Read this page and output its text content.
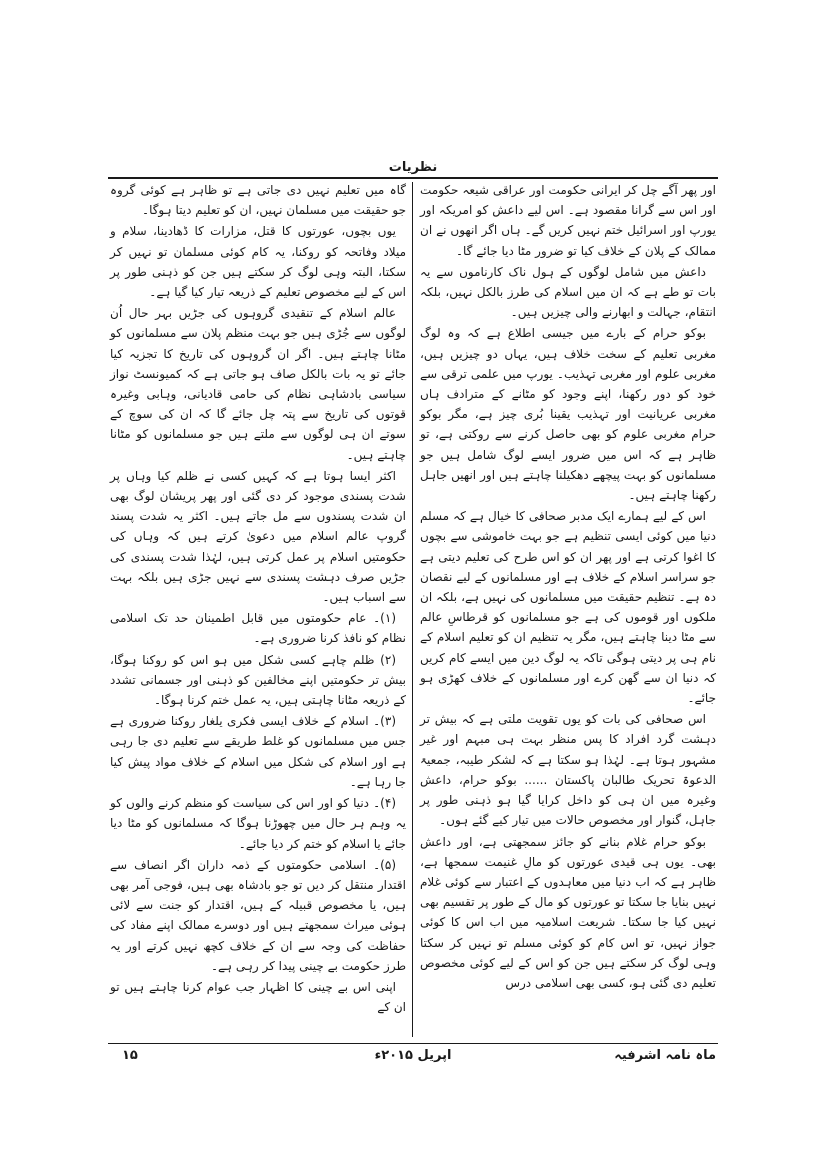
نظریات

اور پھر آگے چل کر ایرانی حکومت اور عراقی شیعہ حکومت اور اس سے گرانا مقصود ہے۔ اس لیے داعش کو امریکہ اور یورپ اور اسرائیل ختم نہیں کریں گے۔ ہاں اگر انھوں نے ان ممالک کے پلان کے خلاف کیا تو ضرور مٹا دیا جائے گا۔

داعش میں شامل لوگوں کے ہول ناک کارناموں سے یہ بات تو طے ہے کہ ان میں اسلام کی طرز بالکل نہیں، بلکہ انتقام، جہالت و ابھارنے والی چیزیں ہیں۔

بوکو حرام کے بارے میں جیسی اطلاع ہے کہ وہ لوگ مغربی تعلیم کے سخت خلاف ہیں، یہاں دو چیزیں ہیں، مغربی علوم اور مغربی تہذیب۔ یورپ میں علمی ترقی سے خود کو دور رکھنا، اپنے وجود کو مٹانے کے مترادف ہاں مغربی عریانیت اور تہذیب یقینا بُری چیز ہے، مگر بوکو حرام مغربی علوم کو بھی حاصل کرنے سے روکتی ہے، تو ظاہر ہے کہ اس میں ضرور ایسے لوگ شامل ہیں جو مسلمانوں کو بہت پیچھے دھکیلنا چاہتے ہیں اور انھیں جاہل رکھنا چاہتے ہیں۔

اس کے لیے ہمارے ایک مدبر صحافی کا خیال ہے کہ مسلم دنیا میں کوئی ایسی تنظیم ہے جو بہت خاموشی سے بچوں کا اغوا کرتی ہے اور پھر ان کو اس طرح کی تعلیم دیتی ہے جو سراسر اسلام کے خلاف ہے اور مسلمانوں کے لیے نقصان دہ ہے۔ تنظیم حقیقت میں مسلمانوں کی نہیں ہے، بلکہ ان ملکوں اور قوموں کی ہے جو مسلمانوں کو قرطاسِ عالم سے مٹا دینا چاہتے ہیں، مگر یہ تنظیم ان کو تعلیم اسلام کے نام ہی پر دیتی ہوگی تاکہ یہ لوگ دین میں ایسے کام کریں کہ دنیا ان سے گھن کرے اور مسلمانوں کے خلاف کھڑی ہو جائے۔

اس صحافی کی بات کو یوں تقویت ملتی ہے کہ بیش تر دہشت گرد افراد کا پس منظر بہت ہی مبہم اور غیر مشہور ہوتا ہے۔ لہٰذا ہو سکتا ہے کہ لشکر طیبہ، جمعیۃ الدعوۃ تحریک طالبان پاکستان ...... بوکو حرام، داعش وغیرہ میں ان ہی کو داخل کرایا گیا ہو ذہنی طور پر جاہل، گنوار اور مخصوص حالات میں تیار کیے گئے ہوں۔

بوکو حرام غلام بنانے کو جائز سمجھتی ہے، اور داعش بھی۔ یوں ہی قیدی عورتوں کو مالِ غنیمت سمجھا ہے، ظاہر ہے کہ اب دنیا میں معاہدوں کے اعتبار سے کوئی غلام نہیں بنایا جا سکتا تو عورتوں کو مال کے طور پر تقسیم بھی نہیں کیا جا سکتا۔ شریعت اسلامیہ میں اب اس کا کوئی جواز نہیں، تو اس کام کو کوئی مسلم تو نہیں کر سکتا وہی لوگ کر سکتے ہیں جن کو اس کے لیے کوئی مخصوص تعلیم دی گئی ہو، کسی بھی اسلامی درس

گاہ میں تعلیم نہیں دی جاتی ہے تو ظاہر ہے کوئی گروہ جو حقیقت میں مسلمان نہیں، ان کو تعلیم دیتا ہوگا۔

یوں بچوں، عورتوں کا قتل، مزارات کا ڈھادینا، سلام و میلاد وفاتحہ کو روکنا، یہ کام کوئی مسلمان تو نہیں کر سکتا، البتہ وہی لوگ کر سکتے ہیں جن کو ذہنی طور پر اس کے لیے مخصوص تعلیم کے ذریعہ تیار کیا گیا ہے۔

عالم اسلام کے تنقیدی گروہوں کی جڑیں بہر حال اُن لوگوں سے جُڑی ہیں جو بہت منظم پلان سے مسلمانوں کو مٹانا چاہتے ہیں۔ اگر ان گروہوں کی تاریخ کا تجزیہ کیا جائے تو یہ بات بالکل صاف ہو جاتی ہے کہ کمیونسٹ نواز سیاسی بادشاہی نظام کی حامی قادیانی، وہابی وغیرہ قوتوں کی تاریخ سے پتہ چل جائے گا کہ ان کی سوچ کے سوتے ان ہی لوگوں سے ملتے ہیں جو مسلمانوں کو مٹانا چاہتے ہیں۔

اکثر ایسا ہوتا ہے کہ کہیں کسی نے ظلم کیا وہاں پر شدت پسندی موجود کر دی گئی اور پھر پریشان لوگ بھی ان شدت پسندوں سے مل جاتے ہیں۔ اکثر یہ شدت پسند گروپ عالم اسلام میں دعویٰ کرتے ہیں کہ وہاں کی حکومتیں اسلام پر عمل کرتی ہیں، لہٰذا شدت پسندی کی جڑیں صرف دہشت پسندی سے نہیں جڑی ہیں بلکہ بہت سے اسباب ہیں۔

(۱)۔ عام حکومتوں میں قابل اطمینان حد تک اسلامی نظام کو نافذ کرنا ضروری ہے۔

(۲) ظلم چاہے کسی شکل میں ہو اس کو روکنا ہوگا، بیش تر حکومتیں اپنے مخالفین کو ذہنی اور جسمانی تشدد کے ذریعہ مٹانا چاہتی ہیں، یہ عمل ختم کرنا ہوگا۔

(۳)۔ اسلام کے خلاف ایسی فکری یلغار روکنا ضروری ہے جس میں مسلمانوں کو غلط طریقے سے تعلیم دی جا رہی ہے اور اسلام کی شکل میں اسلام کے خلاف مواد پیش کیا جا رہا ہے۔

(۴)۔ دنیا کو اور اس کی سیاست کو منظم کرنے والوں کو یہ وہم ہر حال میں چھوڑنا ہوگا کہ مسلمانوں کو مٹا دیا جائے یا اسلام کو ختم کر دیا جائے۔

(۵)۔ اسلامی حکومتوں کے ذمہ داران اگر انصاف سے اقتدار منتقل کر دیں تو جو بادشاہ بھی ہیں، فوجی آمر بھی ہیں، یا مخصوص قبیلہ کے ہیں، اقتدار کو جنت سے لائی ہوئی میراث سمجھتے ہیں اور دوسرے ممالک اپنے مفاد کی حفاظت کی وجہ سے ان کے خلاف کچھ نہیں کرتے اور یہ طرز حکومت بے چینی پیدا کر رہی ہے۔

اپنی اس بے چینی کا اظہار جب عوام کرنا چاہتے ہیں تو ان کے

ماہ نامہ اشرفیہ
اپریل ۲۰۱۵ء
۱۵
